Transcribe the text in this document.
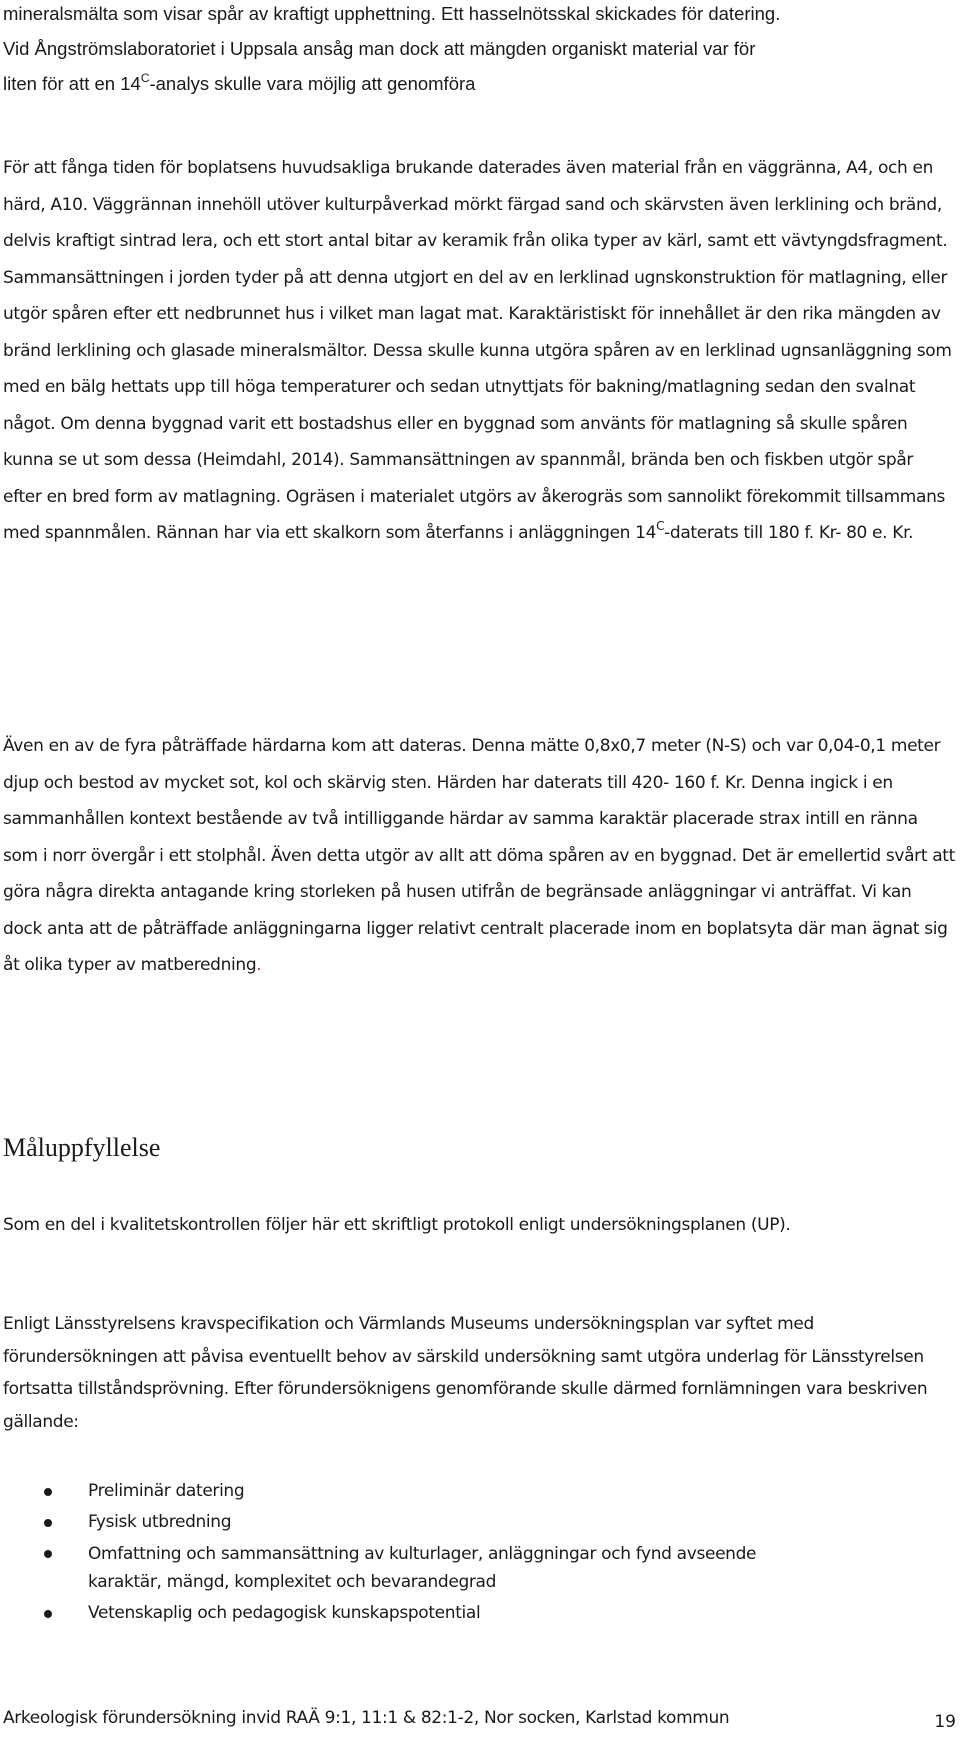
mineralsmälta som visar spår av kraftigt upphettning. Ett hasselnötsskal skickades för datering.
Vid Ångströmslaboratoriet i Uppsala ansåg man dock att mängden organiskt material var för
liten för att en $14^C$-analys skulle vara möjlig att genomföra

För att fånga tiden för boplatsens huvudsakliga brukande daterades även material från en väggränna, A4, och en härd, A10. Väggrännan innehöll utöver kulturpåverkad mörkt färgad sand och skärvsten även lerklining och bränd, delvis kraftigt sintrad lera, och ett stort antal bitar av keramik från olika typer av kärl, samt ett vävtyngdsfragment. Sammansättningen i jorden tyder på att denna utgjort en del av en lerklinad ugnskonstruktion för matlagning, eller utgör spåren efter ett nedbrunnet hus i vilket man lagat mat. Karaktäristiskt för innehållet är den rika mängden av bränd lerklining och glasade mineralsmältor. Dessa skulle kunna utgöra spåren av en lerklinad ugnsanläggning som med en bälg hettats upp till höga temperaturer och sedan utnyttjats för bakning/matlagning sedan den svalnat något. Om denna byggnad varit ett bostadshus eller en byggnad som använts för matlagning så skulle spåren kunna se ut som dessa (Heimdahl, 2014). Sammansättningen av spannmål, brända ben och fiskben utgör spår efter en bred form av matlagning. Ogräsen i materialet utgörs av åkerogräs som sannolikt förekommit tillsammans med spannmålen. Rännan har via ett skalkorn som återfanns i anläggningen $14^C$-daterats till 180 f. Kr- 80 e. Kr.

Även en av de fyra påträffade härdarna kom att dateras. Denna mätte 0,8x0,7 meter (N-S) och var 0,04-0,1 meter djup och bestod av mycket sot, kol och skärvig sten. Härden har daterats till 420- 160 f. Kr. Denna ingick i en sammanhållen kontext bestående av två intilliggande härdar av samma karaktär placerade strax intill en ränna som i norr övergår i ett stolphål. Även detta utgör av allt att döma spåren av en byggnad. Det är emellertid svårt att göra några direkta antagande kring storleken på husen utifrån de begränsade anläggningar vi anträffat. Vi kan dock anta att de påträffade anläggningarna ligger relativt centralt placerade inom en boplatsyta där man ägnat sig åt olika typer av matberedning.

Måluppfyllelse

Som en del i kvalitetskontrollen följer här ett skriftligt protokoll enligt undersökningsplanen (UP).

Enligt Länsstyrelsens kravspecifikation och Värmlands Museums undersökningsplan var syftet med förundersökningen att påvisa eventuellt behov av särskild undersökning samt utgöra underlag för Länsstyrelsen fortsatta tillståndsprövning. Efter förundersöknigens genomförande skulle därmed fornlämningen vara beskriven gällande:

Preliminär datering
Fysisk utbredning
Omfattning och sammansättning av kulturlager, anläggningar och fynd avseende karaktär, mängd, komplexitet och bevarandegrad
Vetenskaplig och pedagogisk kunskapspotential

Arkeologisk förundersökning invid RAÄ 9:1, 11:1 & 82:1-2, Nor socken, Karlstad kommun	19
